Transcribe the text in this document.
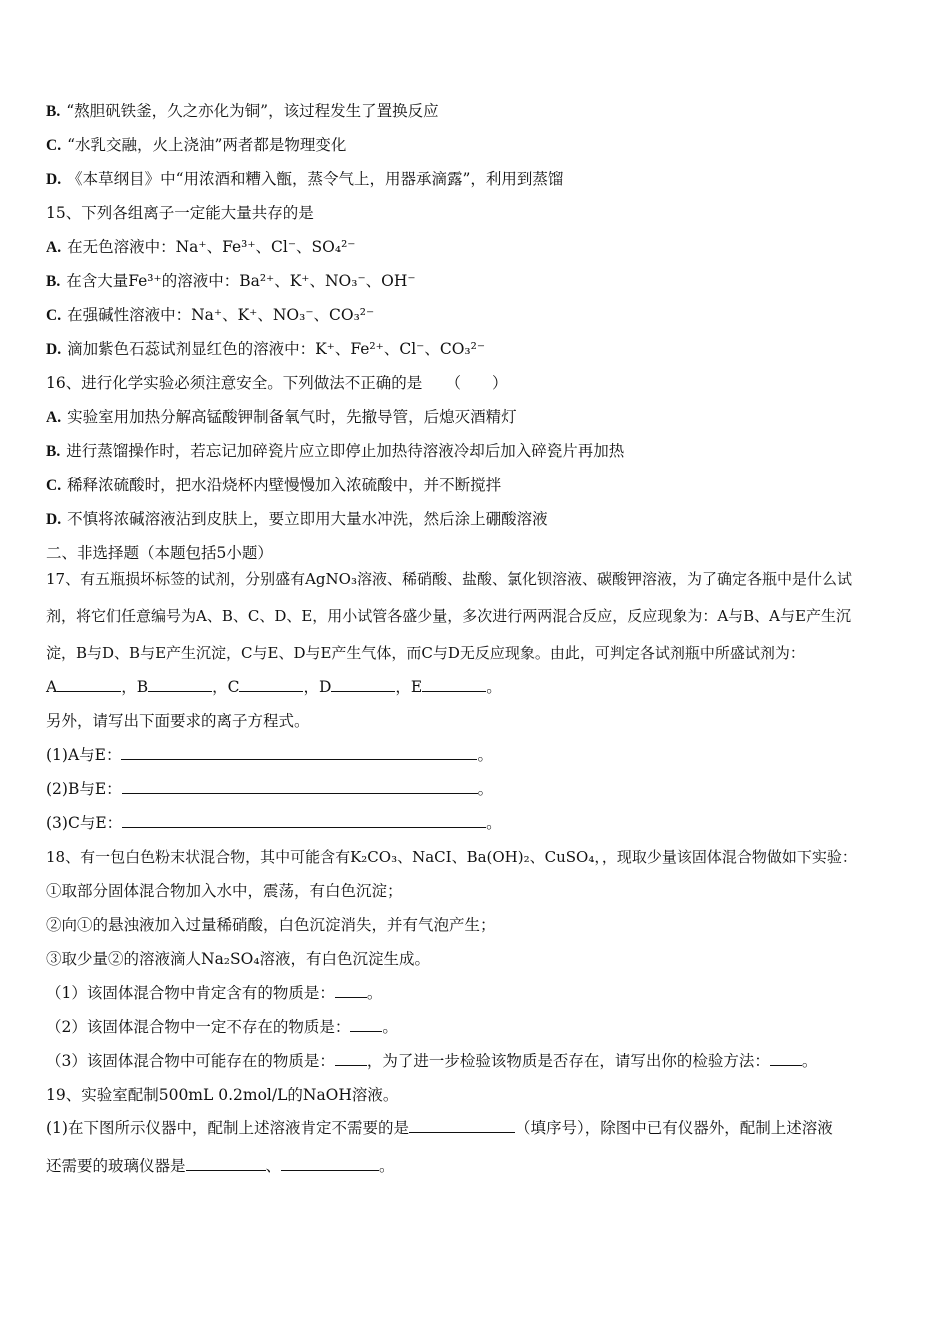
B. “熬胆矾铁釜，久之亦化为铜”，该过程发生了置换反应
C. “水乳交融，火上浇油”两者都是物理变化
D. 《本草纲目》中“用浓酒和糟入甑，蒸令气上，用器承滴露”，利用到蒸馏
15、下列各组离子一定能大量共存的是
A. 在无色溶液中：Na⁺、Fe³⁺、Cl⁻、SO₄²⁻
B. 在含大量Fe³⁺的溶液中：Ba²⁺、K⁺、NO₃⁻、OH⁻
C. 在强碱性溶液中：Na⁺、K⁺、NO₃⁻、CO₃²⁻
D. 滴加紫色石蕊试剂显红色的溶液中：K⁺、Fe²⁺、Cl⁻、CO₃²⁻
16、进行化学实验必须注意安全。下列做法不正确的是　　（　　）
A. 实验室用加热分解高锰酸钾制备氧气时，先撤导管，后熄灭酒精灯
B. 进行蒸馏操作时，若忘记加碎瓷片应立即停止加热待溶液冷却后加入碎瓷片再加热
C. 稀释浓硫酸时，把水沿烧杯内壁慢慢加入浓硫酸中，并不断搅拌
D. 不慎将浓碱溶液沾到皮肤上，要立即用大量水冲洗，然后涂上硼酸溶液
二、非选择题（本题包括5小题）
17、有五瓶损坏标签的试剂，分别盛有AgNO₃溶液、稀硝酸、盐酸、氯化钡溶液、碳酸钾溶液，为了确定各瓶中是什么试
剂，将它们任意编号为A、B、C、D、E，用小试管各盛少量，多次进行两两混合反应，反应现象为：A与B、A与E产生沉
淀，B与D、B与E产生沉淀，C与E、D与E产生气体，而C与D无反应现象。由此，可判定各试剂瓶中所盛试剂为：
A	，B	，C	，D	，E	。
另外，请写出下面要求的离子方程式。
(1)A与E：	。
(2)B与E：	。
(3)C与E：	。
18、有一包白色粉末状混合物，其中可能含有K₂CO₃、NaCI、Ba(OH)₂、CuSO₄，，现取少量该固体混合物做如下实验：
①取部分固体混合物加入水中，震荡，有白色沉淀；
②向①的悬浊液加入过量稀硝酸，白色沉淀消失，并有气泡产生；
③取少量②的溶液滴人Na₂SO₄溶液，有白色沉淀生成。
（1）该固体混合物中肯定含有的物质是： 。
（2）该固体混合物中一定不存在的物质是： 。
（3）该固体混合物中可能存在的物质是： ，为了进一步检验该物质是否存在，请写出你的检验方法： 。
19、实验室配制500mL 0.2mol/L的NaOH溶液。
(1)在下图所示仪器中，配制上述溶液肯定不需要的是	（填序号），除图中已有仪器外，配制上述溶液
还需要的玻璃仪器是	、	。
